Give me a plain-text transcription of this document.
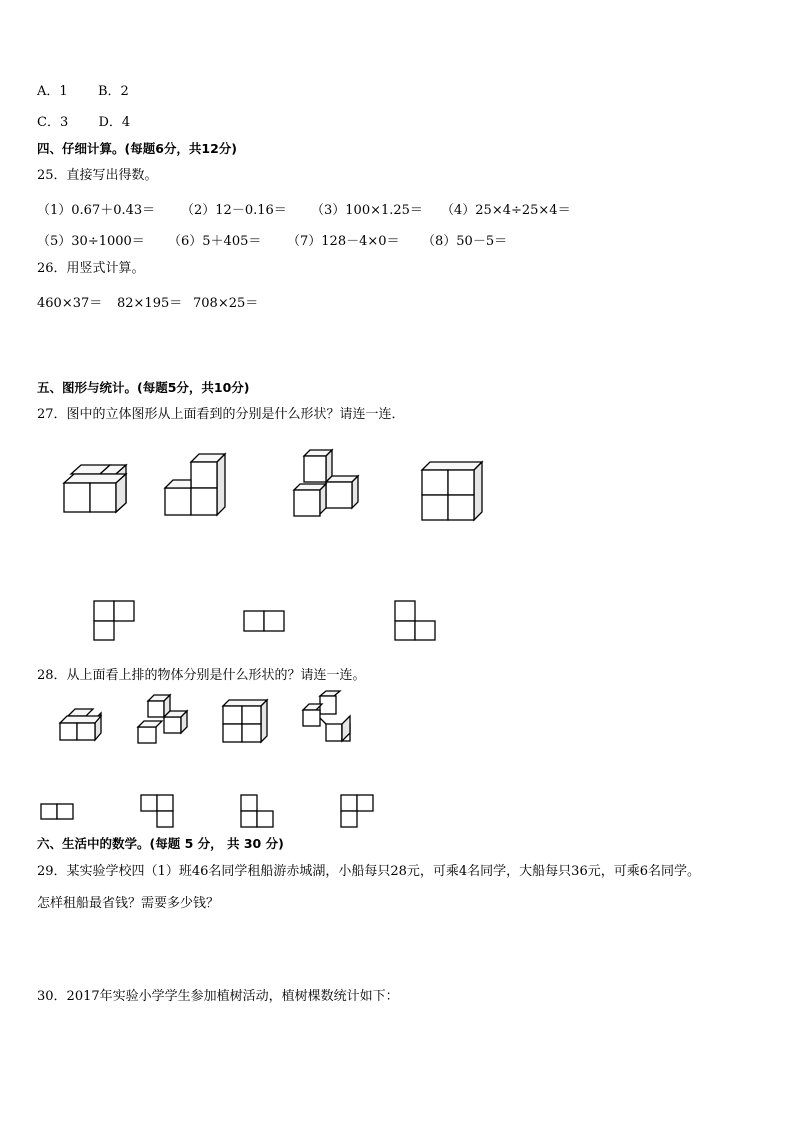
A．1 B．2
C．3 D．4
四、仔细计算。(每题6分，共12分)
25．直接写出得数。
（1）0.67＋0.43＝ （2）12－0.16＝ （3）100×1.25＝ （4）25×4÷25×4＝
（5）30÷1000＝ （6）5＋405＝ （7）128－4×0＝ （8）50－5＝
26．用竖式计算。
460×37＝ 82×195＝ 708×25＝
五、图形与统计。(每题5分，共10分)
27．图中的立体图形从上面看到的分别是什么形状？请连一连．
28．从上面看上排的物体分别是什么形状的？请连一连。
六、生活中的数学。(每题 5 分， 共 30 分)
29．某实验学校四（1）班46名同学租船游赤城湖，小船每只28元，可乘4名同学，大船每只36元，可乘6名同学。
怎样租船最省钱？需要多少钱？
30．2017年实验小学学生参加植树活动，植树棵数统计如下：
